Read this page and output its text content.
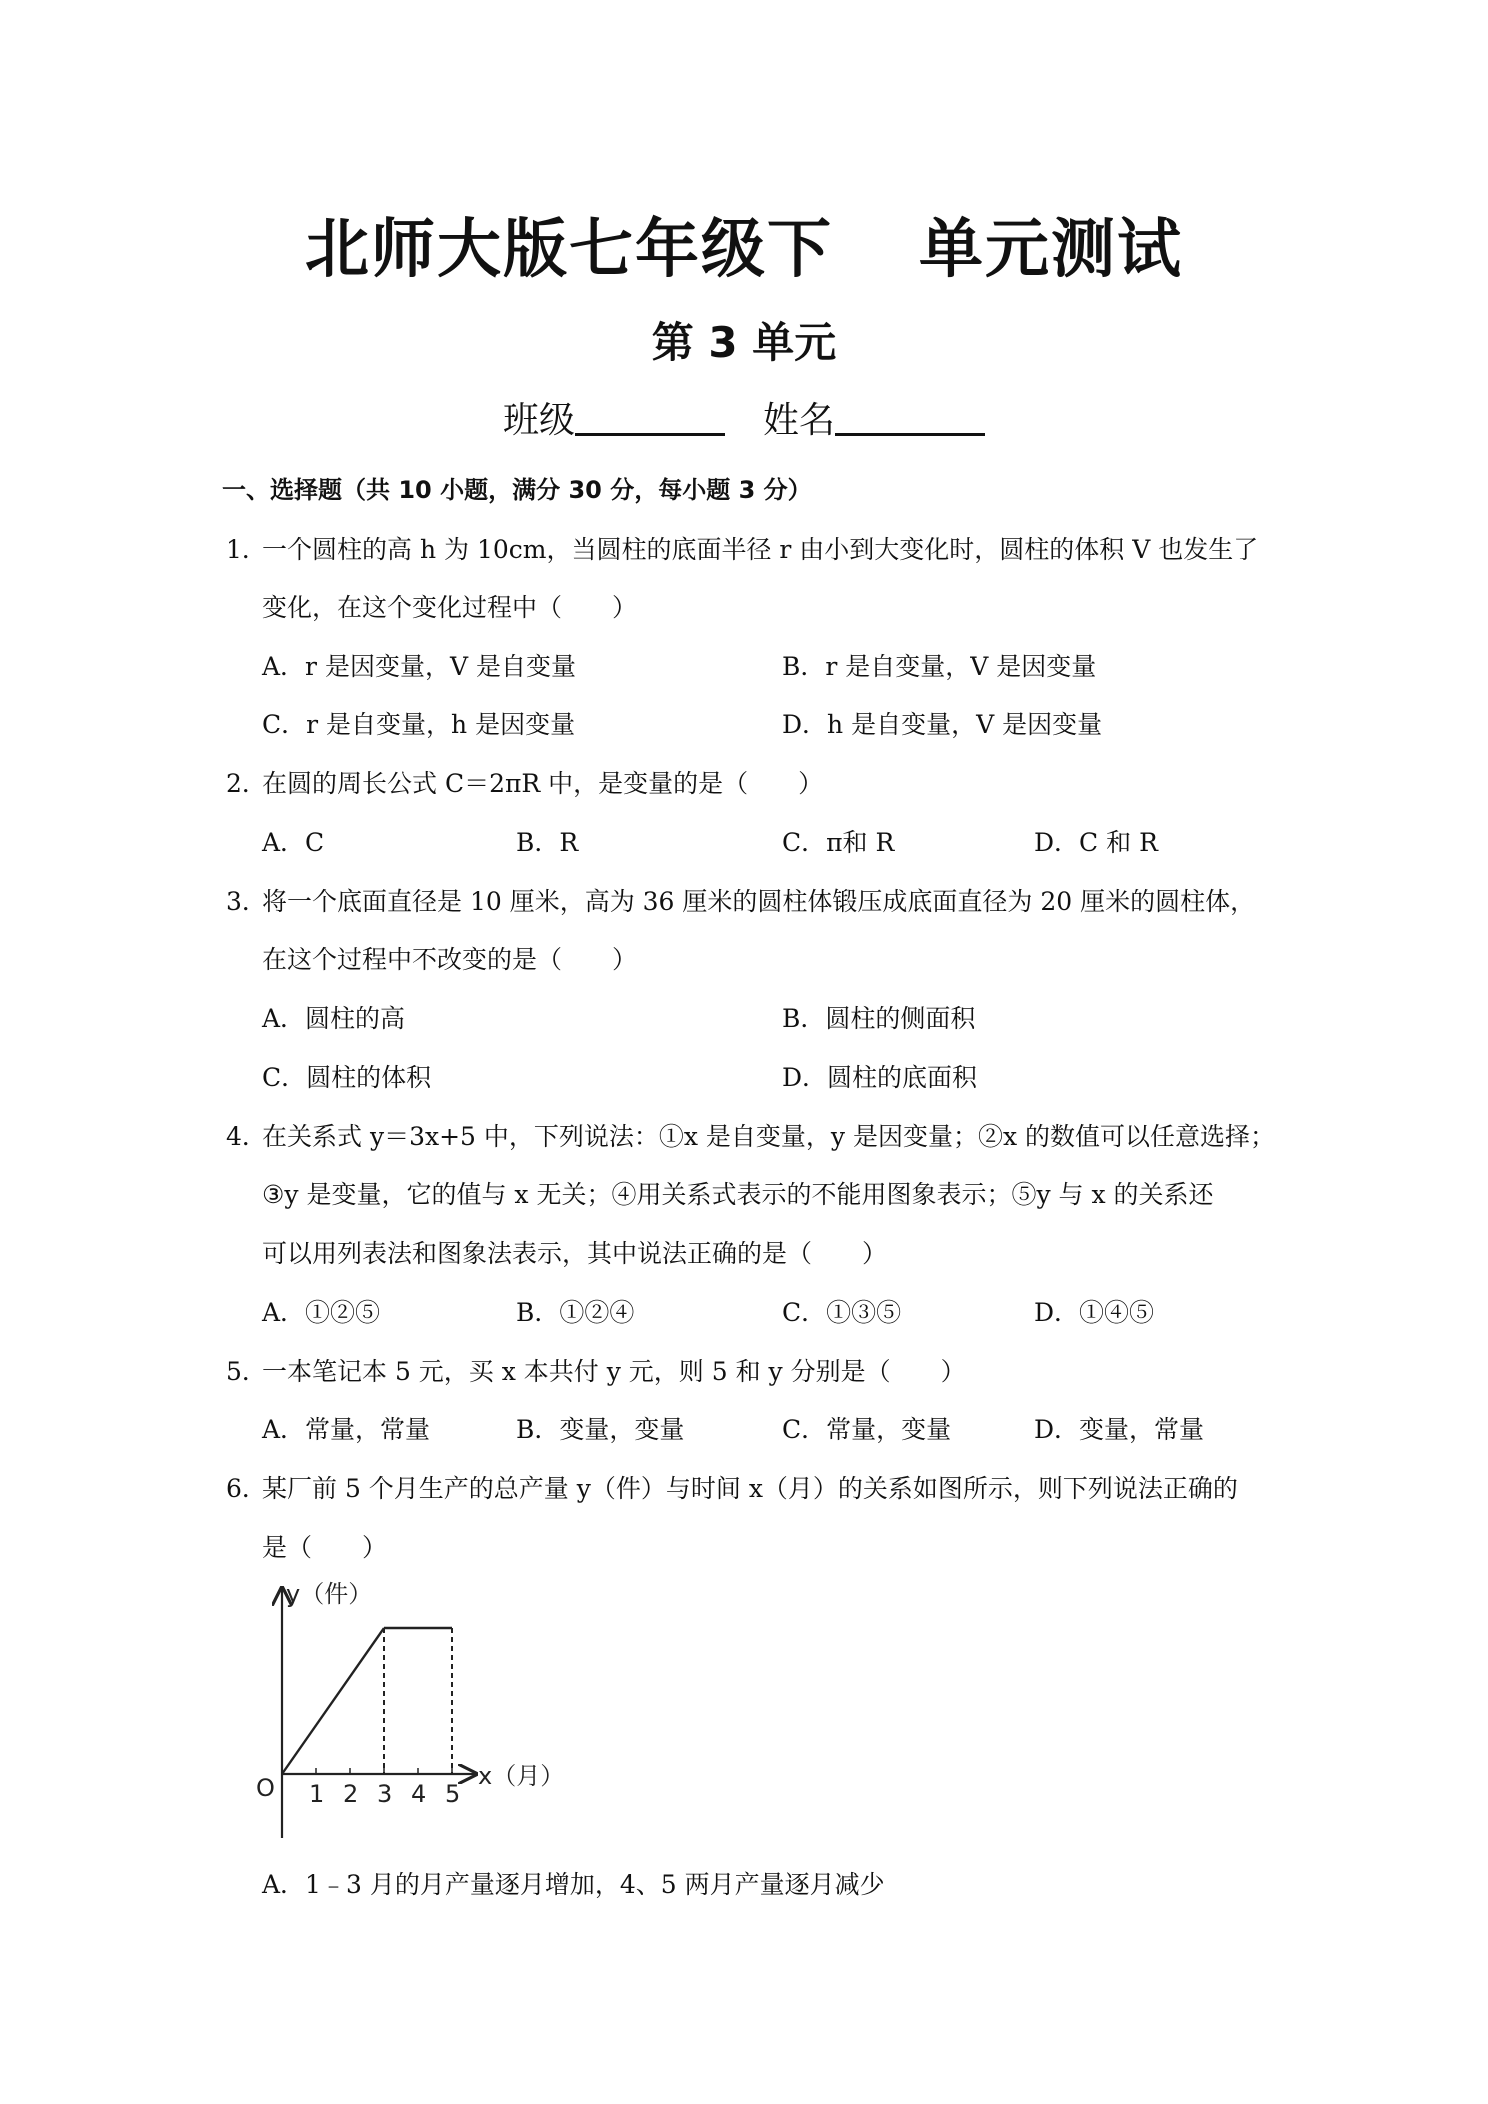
北师大版七年级下 单元测试
第 3 单元
班级	姓名
一、选择题（共 10 小题，满分 30 分，每小题 3 分）
1．
一个圆柱的高 h 为 10cm，当圆柱的底面半径 r 由小到大变化时，圆柱的体积 V 也发生了
变化，在这个变化过程中（　　）
A．r 是因变量，V 是自变量	B．r 是自变量，V 是因变量
C．r 是自变量，h 是因变量	D．h 是自变量，V 是因变量
2．
在圆的周长公式 C＝2πR 中，是变量的是（　　）
A．C	B．R	C．π和 R	D．C 和 R
3．
将一个底面直径是 10 厘米，高为 36 厘米的圆柱体锻压成底面直径为 20 厘米的圆柱体，
在这个过程中不改变的是（　　）
A．圆柱的高	B．圆柱的侧面积
C．圆柱的体积	D．圆柱的底面积
4．
在关系式 y＝3x+5 中，下列说法：①x 是自变量，y 是因变量；②x 的数值可以任意选择；
③y 是变量，它的值与 x 无关；④用关系式表示的不能用图象表示；⑤y 与 x 的关系还
可以用列表法和图象法表示，其中说法正确的是（　　）
A．①②⑤	B．①②④	C．①③⑤	D．①④⑤
5．
一本笔记本 5 元，买 x 本共付 y 元，则 5 和 y 分别是（　　）
A．常量，常量	B．变量，变量	C．常量，变量	D．变量，常量
6．
某厂前 5 个月生产的总产量 y（件）与时间 x（月）的关系如图所示，则下列说法正确的
是（　　）
y（件）
x（月）
O 1 2 3 4 5
A．1﹣3 月的月产量逐月增加，4、5 两月产量逐月减少
